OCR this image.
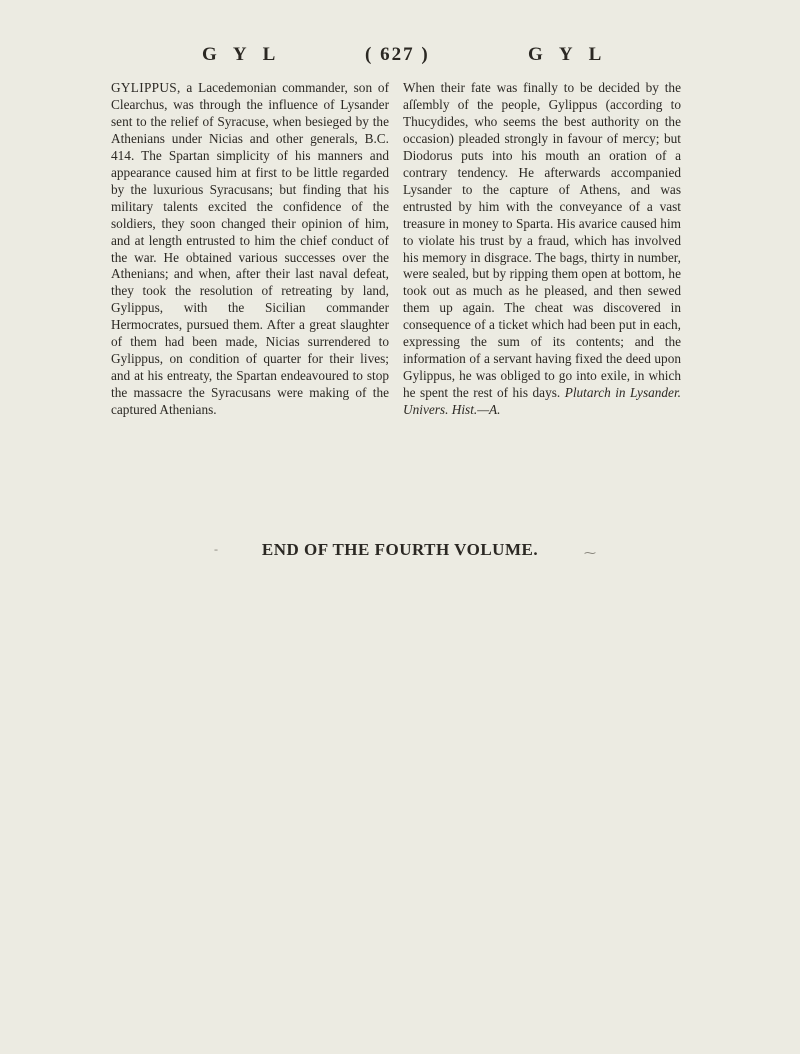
G Y L	( 627 )	G Y L

GYLIPPUS, a Lacedemonian commander, son of Clearchus, was through the influence of Lysander sent to the relief of Syracuse, when besieged by the Athenians under Nicias and other generals, B.C. 414. The Spartan simplicity of his manners and appearance caused him at first to be little regarded by the luxurious Syracusans; but finding that his military talents excited the confidence of the soldiers, they soon changed their opinion of him, and at length entrusted to him the chief conduct of the war. He obtained various successes over the Athenians; and when, after their last naval defeat, they took the resolution of retreating by land, Gylippus, with the Sicilian commander Hermocrates, pursued them. After a great slaughter of them had been made, Nicias surrendered to Gylippus, on condition of quarter for their lives; and at his entreaty, the Spartan endeavoured to stop the massacre the Syracusans were making of the captured Athenians.

When their fate was finally to be decided by the aſſembly of the people, Gylippus (according to Thucydides, who seems the best authority on the occasion) pleaded strongly in favour of mercy; but Diodorus puts into his mouth an oration of a contrary tendency. He afterwards accompanied Lysander to the capture of Athens, and was entrusted by him with the conveyance of a vast treasure in money to Sparta. His avarice caused him to violate his trust by a fraud, which has involved his memory in disgrace. The bags, thirty in number, were sealed, but by ripping them open at bottom, he took out as much as he pleased, and then sewed them up again. The cheat was discovered in consequence of a ticket which had been put in each, expressing the sum of its contents; and the information of a servant having fixed the deed upon Gylippus, he was obliged to go into exile, in which he spent the rest of his days. Plutarch in Lysander. Univers. Hist.—A.

END OF THE FOURTH VOLUME.
-	⁓
